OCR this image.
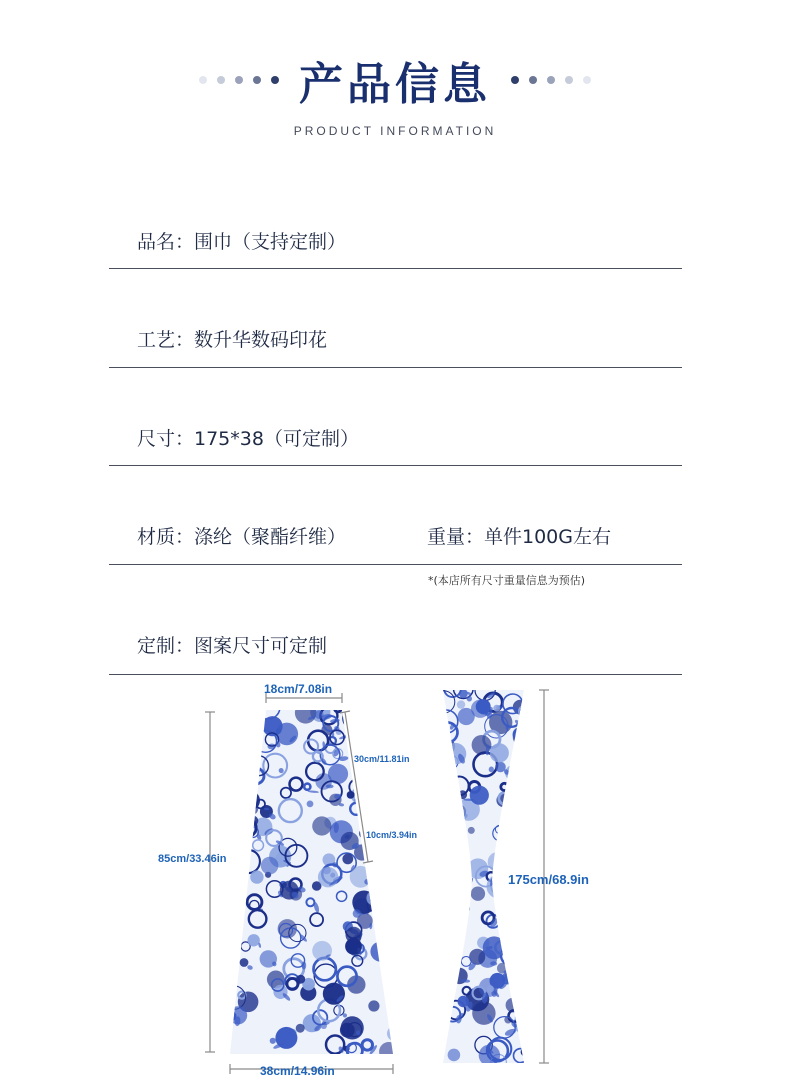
产品信息
PRODUCT INFORMATION
品名：围巾（支持定制）
工艺：数升华数码印花
尺寸：175*38（可定制）
材质：涤纶（聚酯纤维）	重量：单件100G左右
*(本店所有尺寸重量信息为预估)
定制：图案尺寸可定制
18cm/7.08in
30cm/11.81in
10cm/3.94in
85cm/33.46in
38cm/14.96in
175cm/68.9in
